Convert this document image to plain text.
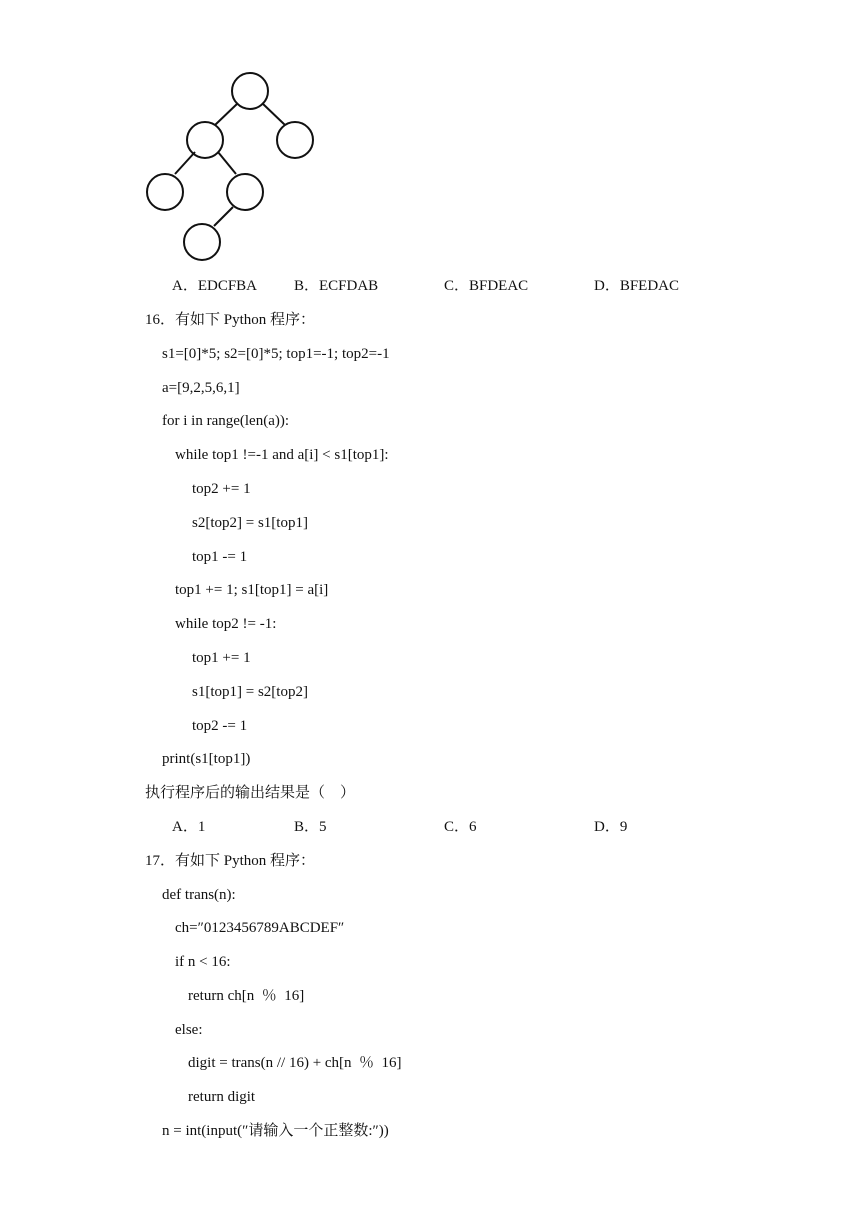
A．EDCFBA B．ECFDAB	C．BFDEAC	D．BFEDAC
16．有如下 Python 程序：
s1=[0]*5; s2=[0]*5; top1=-1; top2=-1
a=[9,2,5,6,1]
for i in range(len(a)):
while top1 !=-1 and a[i] < s1[top1]:
top2 += 1
s2[top2] = s1[top1]
top1 -= 1
top1 += 1; s1[top1] = a[i]
while top2 != -1:
top1 += 1
s1[top1] = s2[top2]
top2 -= 1
print(s1[top1])
执行程序后的输出结果是（    ）
A．1	B．5	C．6	D．9
17．有如下 Python 程序：
def trans(n):
ch=″0123456789ABCDEF″
if n < 16:
return ch[n  ％  16]
else:
digit = trans(n // 16) + ch[n  ％  16]
return digit
n = int(input(″请输入一个正整数:″))
